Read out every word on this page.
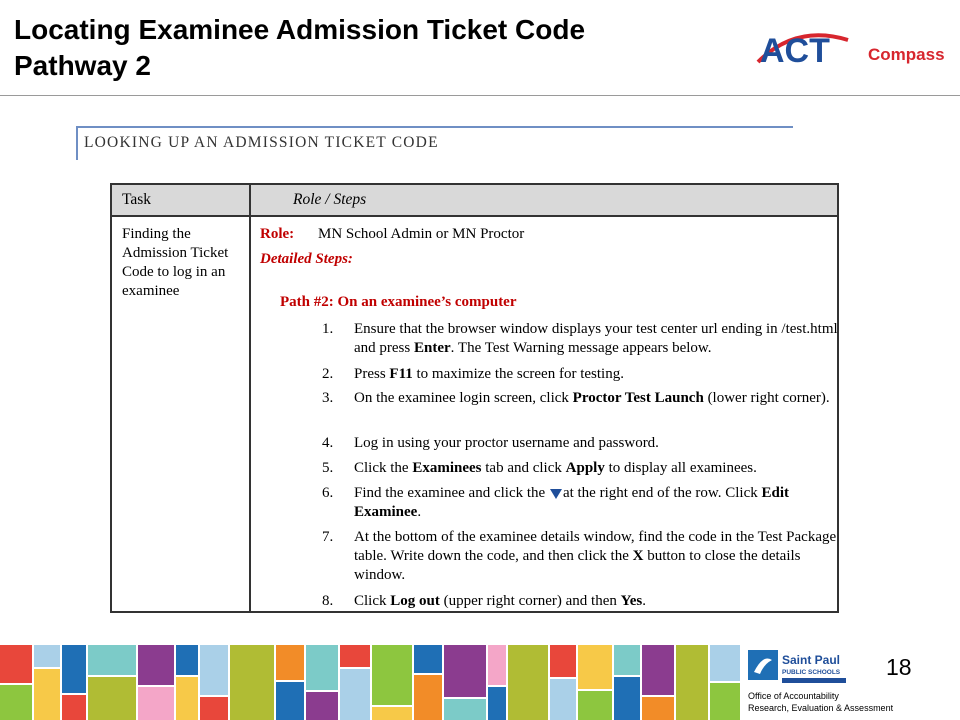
Locating Examinee Admission Ticket Code
Pathway 2	ACT Compass
LOOKING UP AN ADMISSION TICKET CODE
Task	Role / Steps
Finding the
Admission Ticket
Code to log in an
examinee
Role: MN School Admin or MN Proctor
Detailed Steps:
Path #2: On an examinee’s computer
1. Ensure that the browser window displays your test center url ending in /test.html and press Enter. The Test Warning message appears below.
2. Press F11 to maximize the screen for testing.
3. On the examinee login screen, click Proctor Test Launch (lower right corner).
4. Log in using your proctor username and password.
5. Click the Examinees tab and click Apply to display all examinees.
6. Find the examinee and click the at the right end of the row. Click Edit Examinee.
7. At the bottom of the examinee details window, find the code in the Test Package table. Write down the code, and then click the X button to close the details window.
8. Click Log out (upper right corner) and then Yes.
Saint Paul
PUBLIC SCHOOLS 18
Office of Accountability
Research, Evaluation & Assessment
